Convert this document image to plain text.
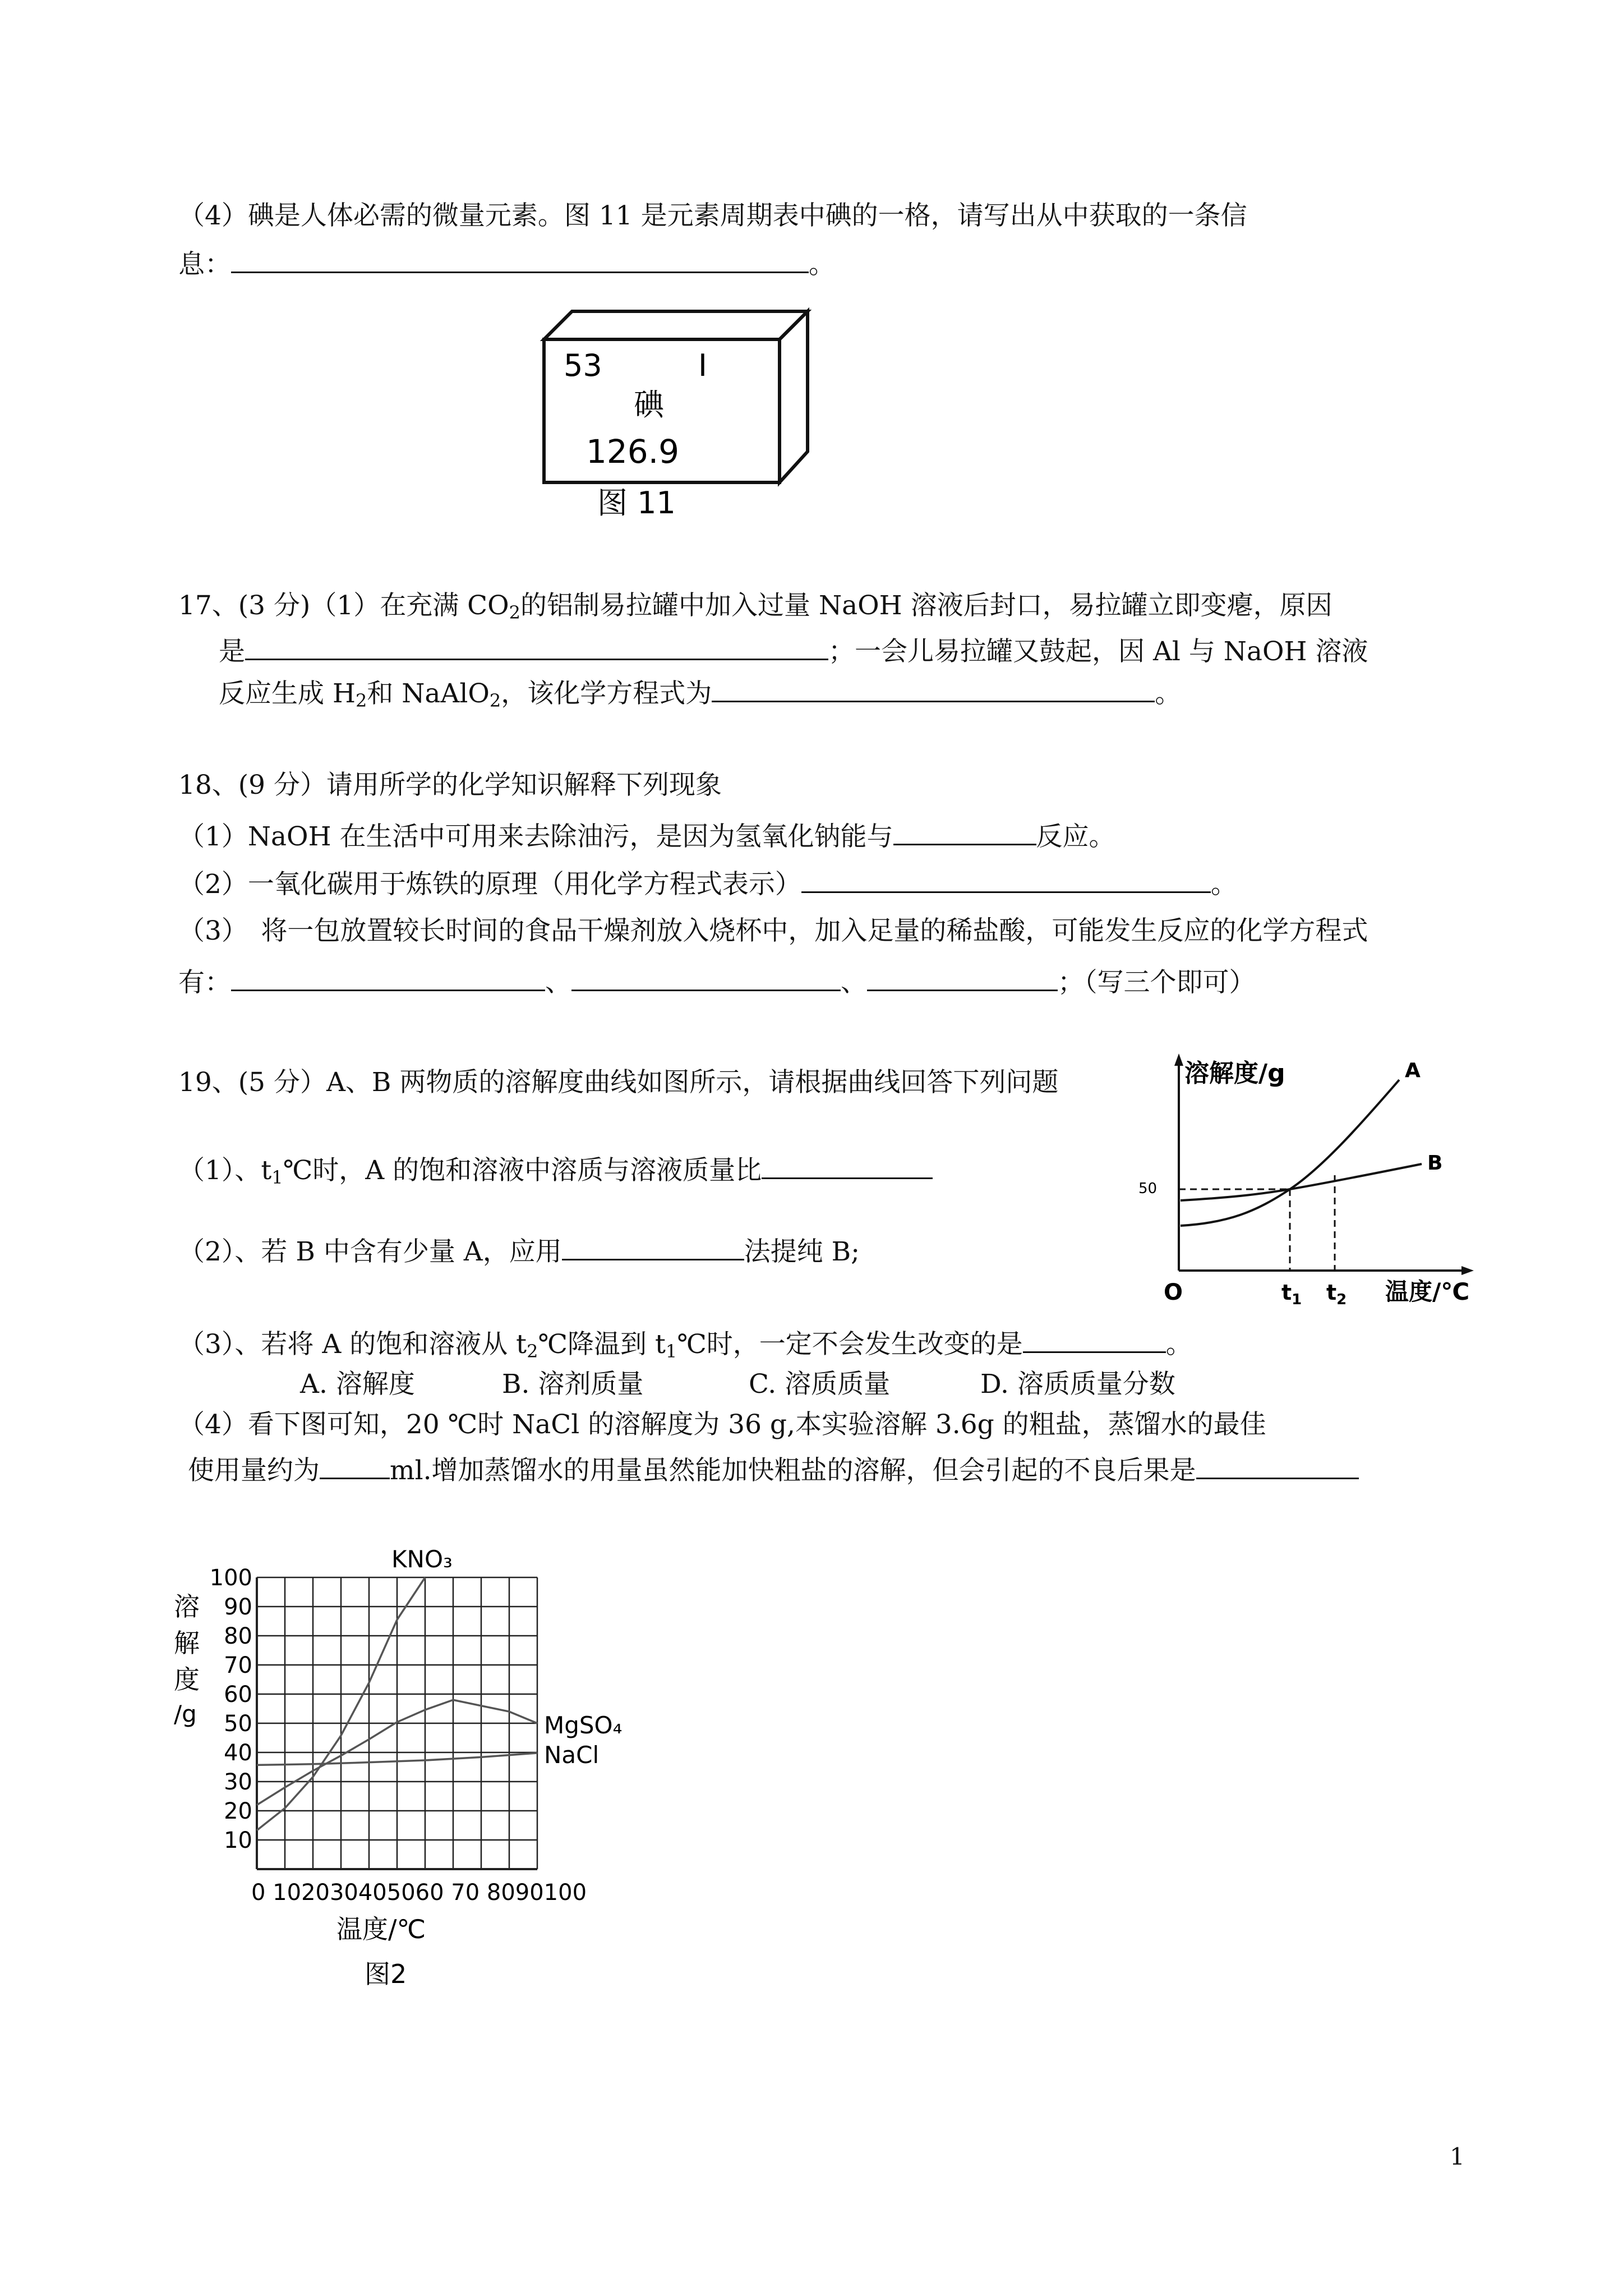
（4）碘是人体必需的微量元素。图 11 是元素周期表中碘的一格，请写出从中获取的一条信
息：	。
53	I
碘
126.9
图 11
17、(3 分)（1）在充满 $CO_2$的铝制易拉罐中加入过量 NaOH 溶液后封口，易拉罐立即变瘪，原因
是	；一会儿易拉罐又鼓起，因 Al 与 NaOH 溶液
反应生成 $H_2$和 NaAlO$_2$，该化学方程式为	。
18、(9 分）请用所学的化学知识解释下列现象
（1）NaOH 在生活中可用来去除油污，是因为氢氧化钠能与	反应。
（2）一氧化碳用于炼铁的原理（用化学方程式表示）	。
（3）　将一包放置较长时间的食品干燥剂放入烧杯中，加入足量的稀盐酸，可能发生反应的化学方程式
有：	、	、	；（写三个即可）
19、(5 分）A、B 两物质的溶解度曲线如图所示，请根据曲线回答下列问题
（1）、$t_1℃$时，A 的饱和溶液中溶质与溶液质量比
（2）、若 B 中含有少量 A，应用	法提纯 B;
（3）、若将 A 的饱和溶液从 $t_2℃$降温到 $t_1℃$时，一定不会发生改变的是	。
A. 溶解度	B. 溶剂质量	C. 溶质质量	D. 溶质质量分数
（4）看下图可知，20 ℃时 NaCl 的溶解度为 36 g,本实验溶解 3.6g 的粗盐，蒸馏水的最佳
使用量约为	ml.增加蒸馏水的用量虽然能加快粗盐的溶解，但会引起的不良后果是
溶解度/g
温度/℃
O
50
A
B
$t_1$ $t_2$
10
20
30
40
50
60
70
80
90
100
KNO₃
MgSO₄
NaCl
溶
解
度
/g
0 102030405060 70 8090100
温度/℃
图2
1
